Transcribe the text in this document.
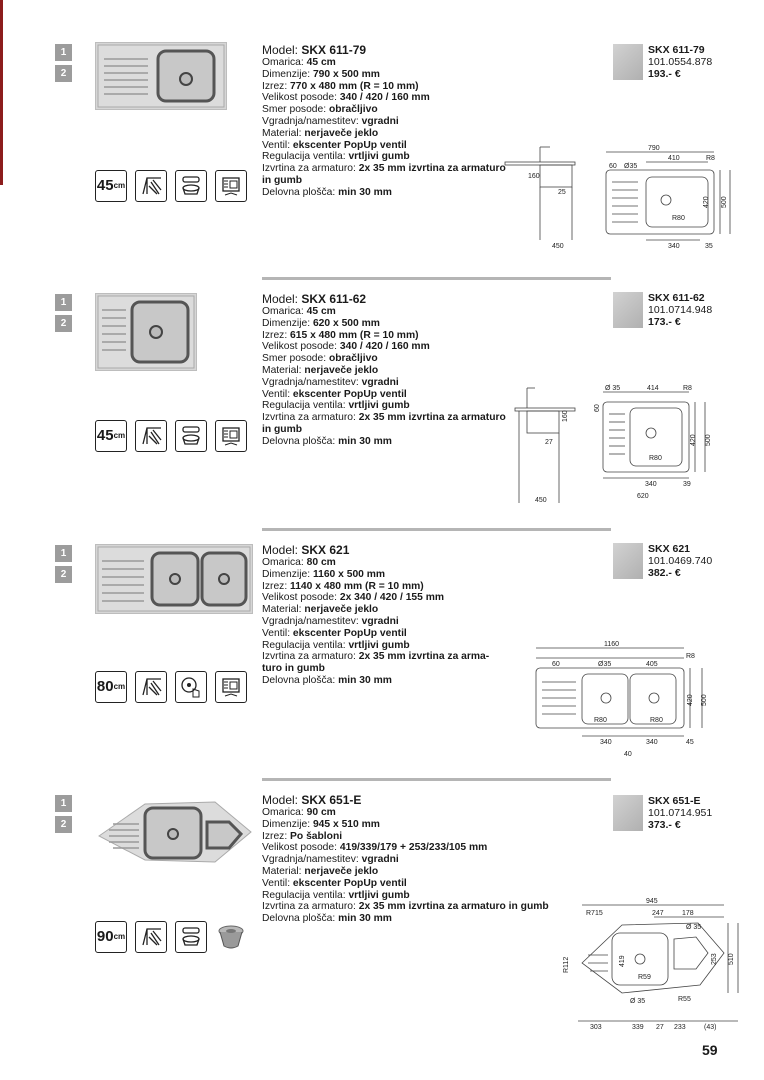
1
2
45 cm
Model: SKX 611-79
Omarica: 45 cm
Dimenzije: 790 x 500 mm
Izrez: 770 x 480 mm (R = 10 mm)
Velikost posode: 340 / 420 / 160 mm
Smer posode: obračljivo
Vgradnja/namestitev: vgradni
Material: nerjaveče jeklo
Ventil: ekscenter PopUp ventil
Regulacija ventila: vrtljivi gumb
Izvrtina za armaturo: 2x 35 mm izvrtina za armaturo in gumb
Delovna plošča: min 30 mm
SKX 611-79
101.0554.878
193.- €
790
60 Ø35
410	R8
420 500
R80
340	35
450
160
25
1
2
45 cm
Model: SKX 611-62
Omarica: 45 cm
Dimenzije: 620 x 500 mm
Izrez: 615 x 480 mm (R = 10 mm)
Velikost posode: 340 / 420 / 160 mm
Smer posode: obračljivo
Material: nerjaveče jeklo
Vgradnja/namestitev: vgradni
Ventil: ekscenter PopUp ventil
Regulacija ventila: vrtljivi gumb
Izvrtina za armaturo: 2x 35 mm izvrtina za armaturo in gumb
Delovna plošča: min 30 mm
SKX 611-62
101.0714.948
173.- €
Ø 35	414	R8
60
420 500
R80
340	39
620
450
160
27
1
2
80 cm
Model: SKX 621
Omarica: 80 cm
Dimenzije: 1160 x 500 mm
Izrez: 1140 x 480 mm (R = 10 mm)
Velikost posode: 2x 340 / 420 / 155 mm
Material: nerjaveče jeklo
Vgradnja/namestitev: vgradni
Ventil: ekscenter PopUp ventil
Regulacija ventila: vrtljivi gumb
Izvrtina za armaturo: 2x 35 mm izvrtina za arma-turo in gumb
Delovna plošča: min 30 mm
SKX 621
101.0469.740
382.- €
1160
60	Ø35	405
R8
420 500
R80	R80
340	340	45
40
1
2
90 cm
Model: SKX 651-E
Omarica: 90 cm
Dimenzije: 945 x 510 mm
Izrez: Po šabloni
Velikost posode: 419/339/179 + 253/233/105 mm
Vgradnja/namestitev: vgradni
Material: nerjaveče jeklo
Ventil: ekscenter PopUp ventil
Regulacija ventila: vrtljivi gumb
Izvrtina za armaturo: 2x 35 mm izvrtina za armaturo in gumb
Delovna plošča: min 30 mm
SKX 651-E
101.0714.951
373.- €
945
R715	247	178
Ø 35
R112	419	253 510
R59
Ø 35	R55
303	339 27 233	(43)
59
